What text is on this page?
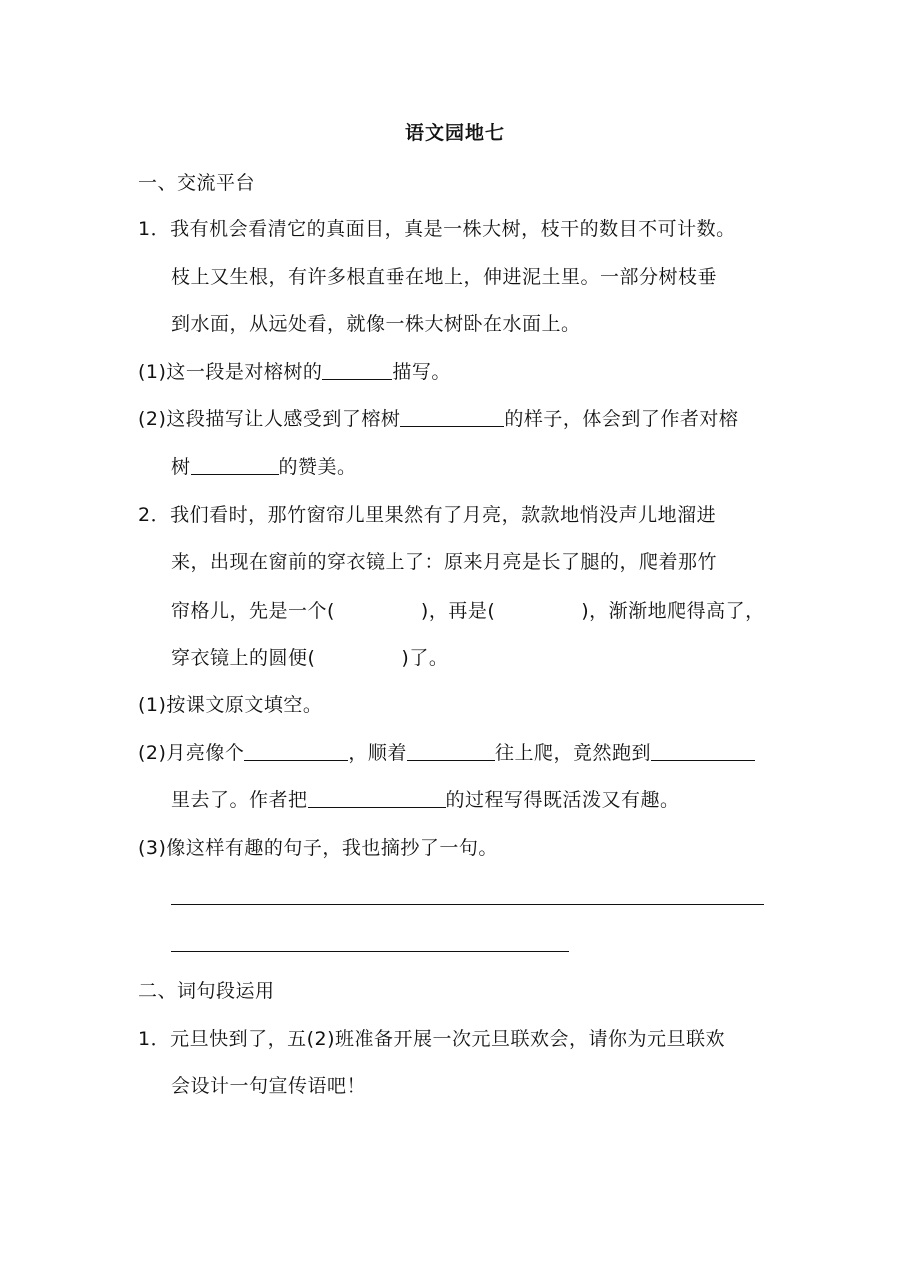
语文园地七
一、交流平台
1．我有机会看清它的真面目，真是一株大树，枝干的数目不可计数。
枝上又生根，有许多根直垂在地上，伸进泥土里。一部分树枝垂
到水面，从远处看，就像一株大树卧在水面上。
(1)这一段是对榕树的	描写。
(2)这段描写让人感受到了榕树	的样子，体会到了作者对榕
树	的赞美。
2．我们看时，那竹窗帘儿里果然有了月亮，款款地悄没声儿地溜进
来，出现在窗前的穿衣镜上了：原来月亮是长了腿的，爬着那竹
帘格儿，先是一个(	)，再是(	)，渐渐地爬得高了，
穿衣镜上的圆便(	)了。
(1)按课文原文填空。
(2)月亮像个	，顺着	往上爬，竟然跑到
里去了。作者把	的过程写得既活泼又有趣。
(3)像这样有趣的句子，我也摘抄了一句。
二、词句段运用
1．元旦快到了，五(2)班准备开展一次元旦联欢会，请你为元旦联欢
会设计一句宣传语吧！
